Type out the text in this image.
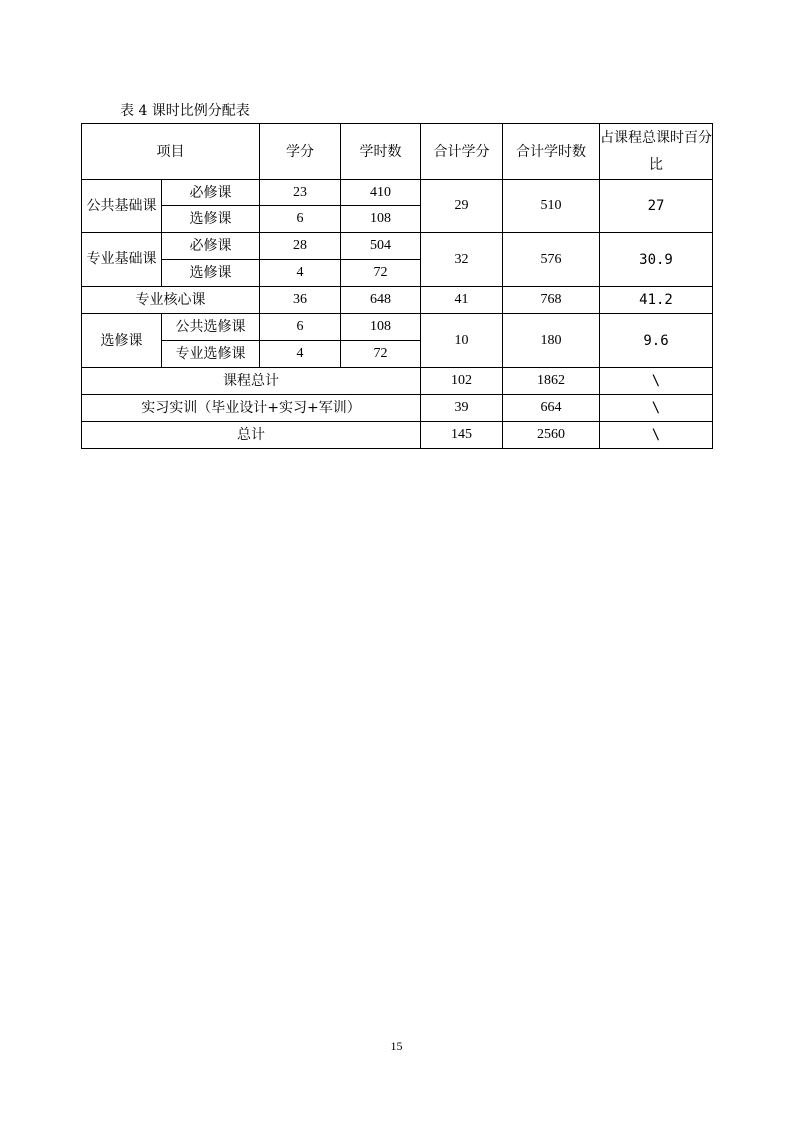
表 4 课时比例分配表
项目		学分	学时数	合计学分	合计学时数	占课程总课时百分比
公共基础课	必修课	23	410	29	510	27
	选修课	6	108			
专业基础课	必修课	28	504	32	576	30.9
	选修课	4	72			
专业核心课		36	648	41	768	41.2
选修课	公共选修课	6	108	10	180	9.6
	专业选修课	4	72			
课程总计				102	1862	\
实习实训（毕业设计+实习+军训）				39	664	\
总计				145	2560	\
15
